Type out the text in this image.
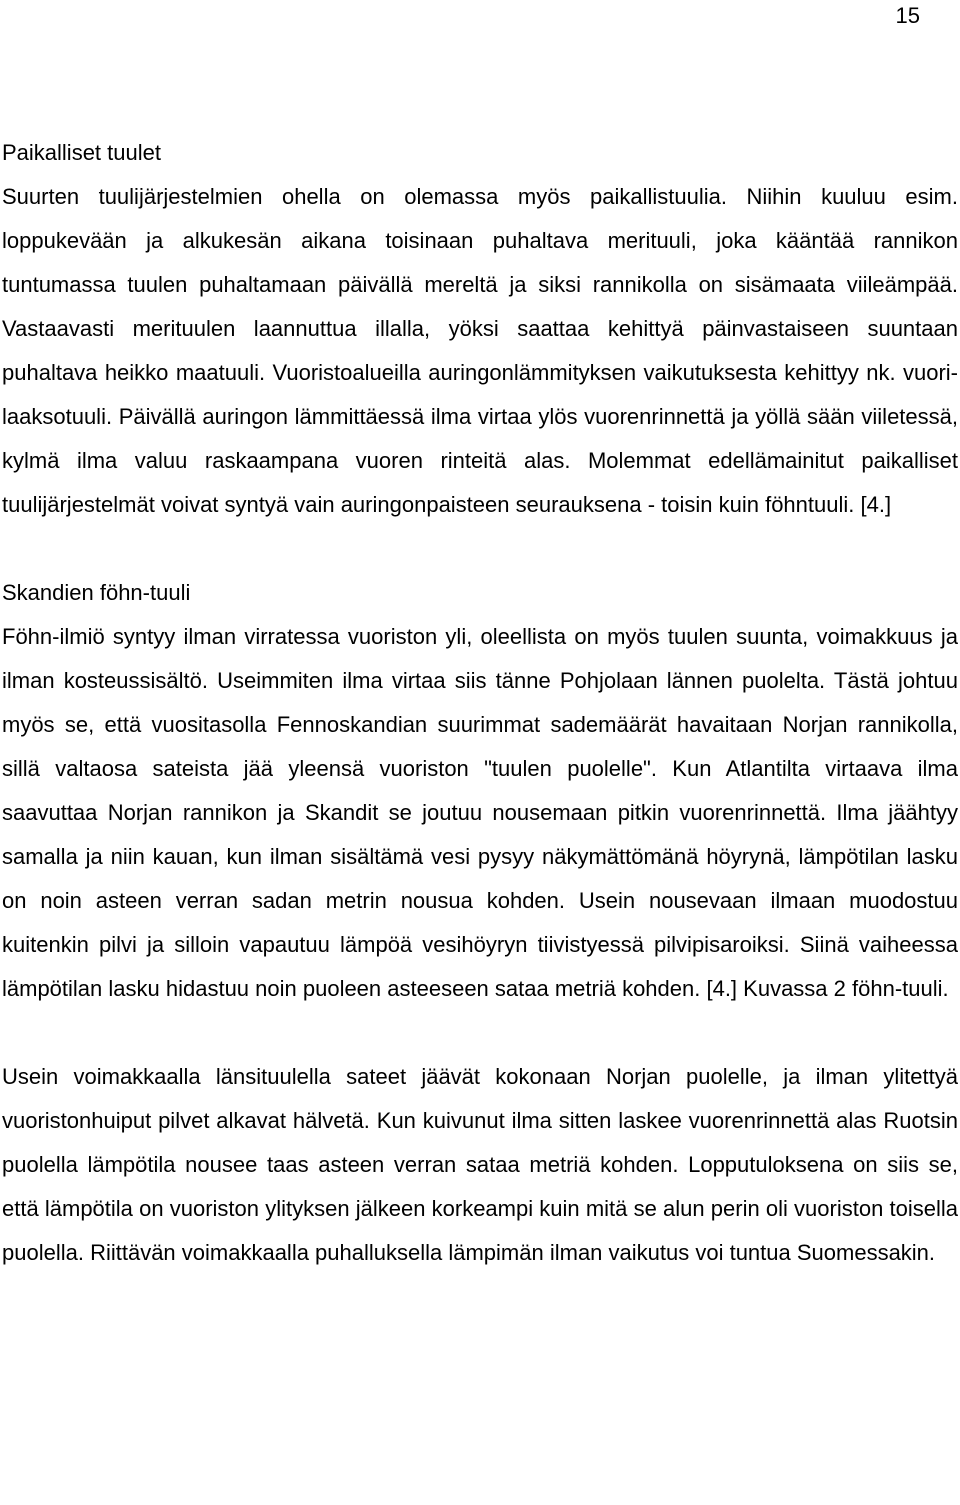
15
Paikalliset tuulet

Suurten tuulijärjestelmien ohella on olemassa myös paikallistuulia. Niihin kuuluu esim. loppukevään ja alkukesän aikana toisinaan puhaltava merituuli, joka kääntää rannikon tuntumassa tuulen puhaltamaan päivällä mereltä ja siksi rannikolla on sisämaata viileämpää. Vastaavasti merituulen laannuttua illalla, yöksi saattaa kehittyä päinvastaiseen suuntaan puhaltava heikko maatuuli. Vuoristoalueilla auringonlämmityksen vaikutuksesta kehittyy nk. vuori-laaksotuuli. Päivällä auringon lämmittäessä ilma virtaa ylös vuorenrinnettä ja yöllä sään viiletessä, kylmä ilma valuu raskaampana vuoren rinteitä alas. Molemmat edellämainitut paikalliset tuulijärjestelmät voivat syntyä vain auringonpaisteen seurauksena - toisin kuin föhntuuli. [4.]

Skandien föhn-tuuli

Föhn-ilmiö syntyy ilman virratessa vuoriston yli, oleellista on myös tuulen suunta, voimakkuus ja ilman kosteussisältö. Useimmiten ilma virtaa siis tänne Pohjolaan lännen puolelta. Tästä johtuu myös se, että vuositasolla Fennoskandian suurimmat sademäärät havaitaan Norjan rannikolla, sillä valtaosa sateista jää yleensä vuoriston "tuulen puolelle". Kun Atlantilta virtaava ilma saavuttaa Norjan rannikon ja Skandit se joutuu nousemaan pitkin vuorenrinnettä. Ilma jäähtyy samalla ja niin kauan, kun ilman sisältämä vesi pysyy näkymättömänä höyrynä, lämpötilan lasku on noin asteen verran sadan metrin nousua kohden. Usein nousevaan ilmaan muodostuu kuitenkin pilvi ja silloin vapautuu lämpöä vesihöyryn tiivistyessä pilvipisaroiksi. Siinä vaiheessa lämpötilan lasku hidastuu noin puoleen asteeseen sataa metriä kohden. [4.] Kuvassa 2 föhn-tuuli.

Usein voimakkaalla länsituulella sateet jäävät kokonaan Norjan puolelle, ja ilman ylitettyä vuoristonhuiput pilvet alkavat hälvetä. Kun kuivunut ilma sitten laskee vuorenrinnettä alas Ruotsin puolella lämpötila nousee taas asteen verran sataa metriä kohden. Lopputuloksena on siis se, että lämpötila on vuoriston ylityksen jälkeen korkeampi kuin mitä se alun perin oli vuoriston toisella puolella. Riittävän voimakkaalla puhalluksella lämpimän ilman vaikutus voi tuntua Suomessakin.
